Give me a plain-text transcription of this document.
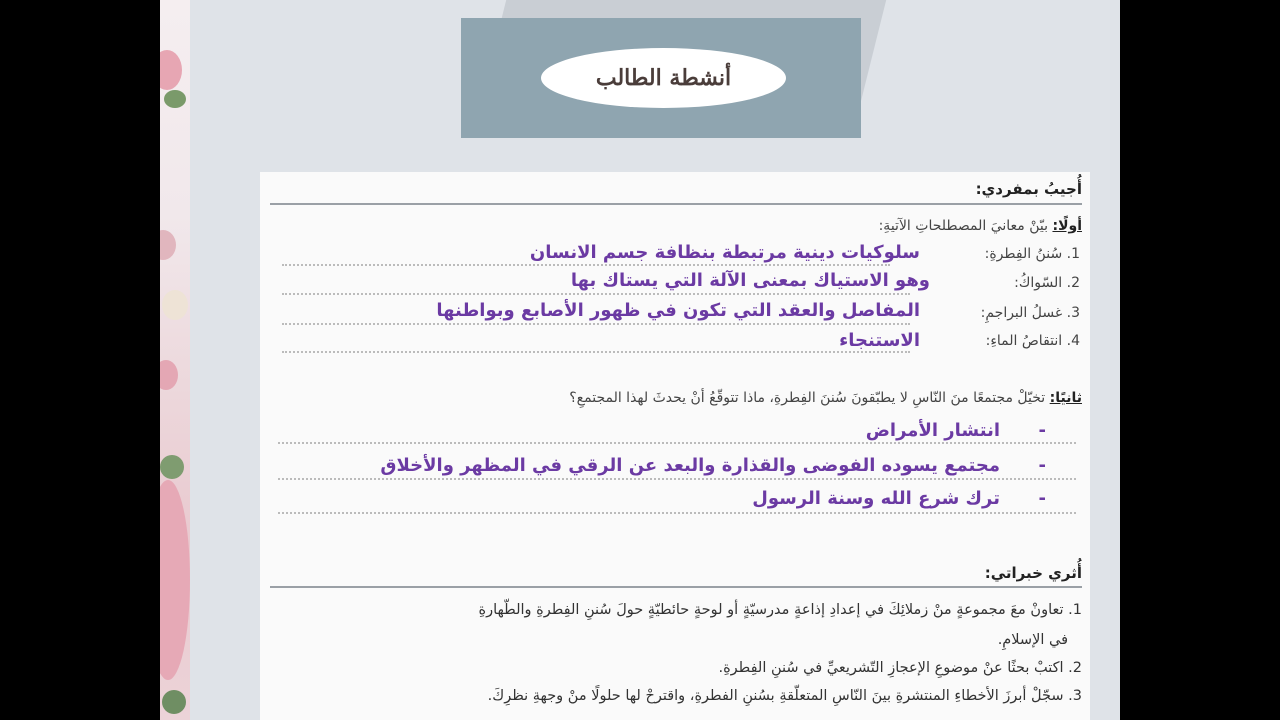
أنشطة الطالب
أُجيبُ بمفردي:
أولًا: بيّنْ معانيَ المصطلحاتِ الآتيةِ:
1. سُننُ الفِطرةِ:
سلوكيات دينية مرتبطة بنظافة جسم الانسان
2. السّواكُ:
وهو الاستياك بمعنى الآلة التي يستاك بها
3. غسلُ البراجمِ:
المفاصل والعقد التي تكون في ظهور الأصابع وبواطنها
4. انتقاصُ الماءِ:
الاستنجاء
ثانيًا: تخيّلْ مجتمعًا منَ النّاسِ لا يطبّقونَ سُننَ الفِطرةِ، ماذا تتوقّعُ أنْ يحدثَ لهذا المجتمعِ؟
-
انتشار الأمراض
-
مجتمع يسوده الفوضى والقذارة والبعد عن الرقي في المظهر والأخلاق
-
ترك شرع الله وسنة الرسول
أُثري خبراتي:
1. تعاونْ معَ مجموعةٍ منْ زملائِكَ في إعدادِ إذاعةٍ مدرسيّةٍ أو لوحةٍ حائطيّةٍ حولَ سُننِ الفِطرةِ والطّهارةِ
في الإسلامِ.
2. اكتبْ بحثًا عنْ موضوعِ الإعجازِ التّشريعيِّ في سُننِ الفِطرةِ.
3. سجّلْ أبرزَ الأخطاءِ المنتشرةِ بينَ النّاسِ المتعلّقةِ بسُننِ الفطرةِ، واقترحْ لها حلولًا منْ وجهةِ نظرِكَ.
